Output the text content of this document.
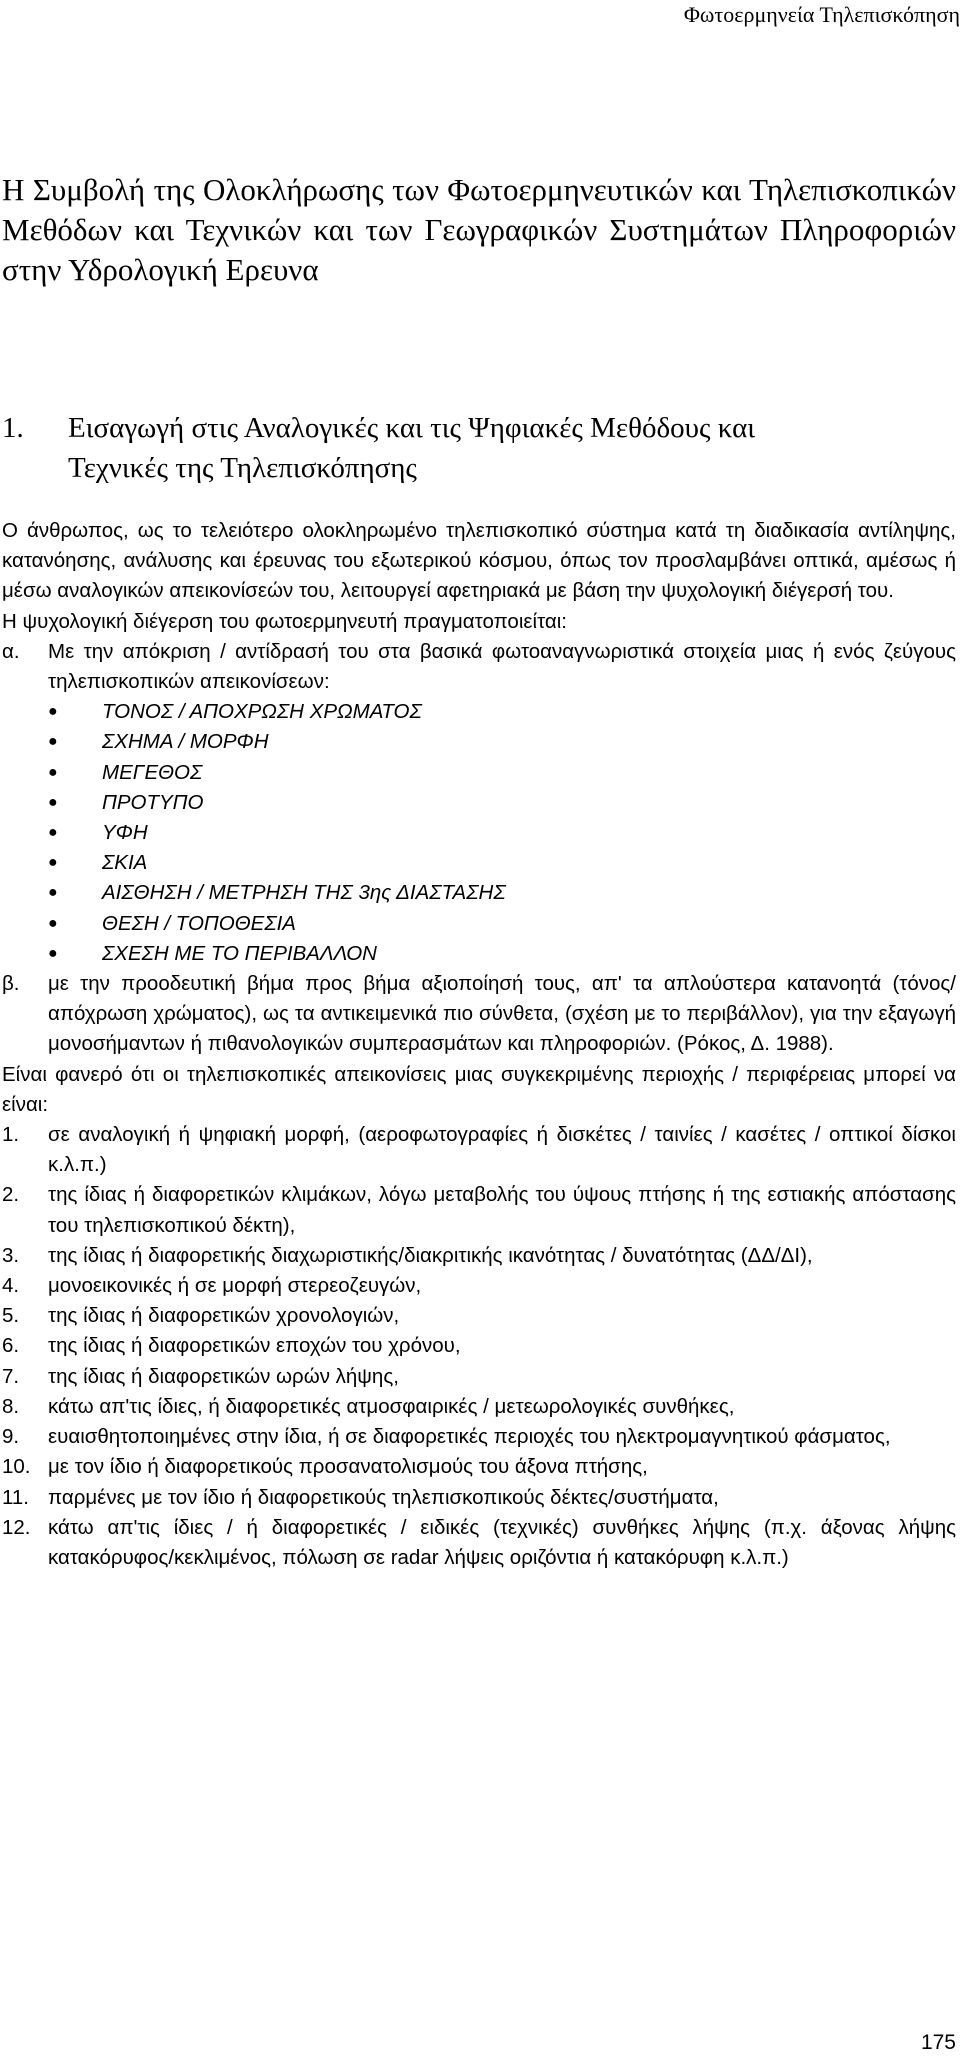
Φωτοερμηνεία Τηλεπισκόπηση
Η Συμβολή της Ολοκλήρωσης των Φωτοερμηνευτικών και Τηλεπισκοπικών Μεθόδων και Τεχνικών και των Γεωγραφικών Συστημάτων Πληροφοριών στην Υδρολογική Ερευνα
1. Εισαγωγή στις Αναλογικές και τις Ψηφιακές Μεθόδους και
Τεχνικές της Τηλεπισκόπησης

Ο άνθρωπος, ως το τελειότερο ολοκληρωμένο τηλεπισκοπικό σύστημα κατά τη διαδικασία αντίληψης, κατανόησης, ανάλυσης και έρευνας του εξωτερικού κόσμου, όπως τον προσλαμβάνει οπτικά, αμέσως ή μέσω αναλογικών απεικονίσεών του, λειτουργεί αφετηριακά με βάση την ψυχολογική διέγερσή του.

Η ψυχολογική διέγερση του φωτοερμηνευτή πραγματοποιείται:

α.	Με την απόκριση / αντίδρασή του στα βασικά φωτοαναγνωριστικά στοιχεία μιας ή ενός ζεύγους τηλεπισκοπικών απεικονίσεων:
●	ΤΟΝΟΣ / ΑΠΟΧΡΩΣΗ ΧΡΩΜΑΤΟΣ
●	ΣΧΗΜΑ / ΜΟΡΦΗ
●	ΜΕΓΕΘΟΣ
●	ΠΡΟΤΥΠΟ
●	ΥΦΗ
●	ΣΚΙΑ
●	ΑΙΣΘΗΣΗ / ΜΕΤΡΗΣΗ ΤΗΣ 3ης ΔΙΑΣΤΑΣΗΣ
●	ΘΕΣΗ / ΤΟΠΟΘΕΣΙΑ
●	ΣΧΕΣΗ ΜΕ ΤΟ ΠΕΡΙΒΑΛΛΟΝ
β.	με την προοδευτική βήμα προς βήμα αξιοποίησή τους, απ' τα απλούστερα κατανοητά (τόνος/απόχρωση χρώματος), ως τα αντικειμενικά πιο σύνθετα, (σχέση με το περιβάλλον), για την εξαγωγή μονοσήμαντων ή πιθανολογικών συμπερασμάτων και πληροφοριών. (Ρόκος, Δ. 1988).

Είναι φανερό ότι οι τηλεπισκοπικές απεικονίσεις μιας συγκεκριμένης περιοχής / περιφέρειας μπορεί να είναι:

1.	σε αναλογική ή ψηφιακή μορφή, (αεροφωτογραφίες ή δισκέτες / ταινίες / κασέτες / οπτικοί δίσκοι κ.λ.π.)
2.	της ίδιας ή διαφορετικών κλιμάκων, λόγω μεταβολής του ύψους πτήσης ή της εστιακής απόστασης του τηλεπισκοπικού δέκτη),
3.	της ίδιας ή διαφορετικής διαχωριστικής/διακριτικής ικανότητας / δυνατότητας (ΔΔ/ΔΙ),
4.	μονοεικονικές ή σε μορφή στερεοζευγών,
5.	της ίδιας ή διαφορετικών χρονολογιών,
6.	της ίδιας ή διαφορετικών εποχών του χρόνου,
7.	της ίδιας ή διαφορετικών ωρών λήψης,
8.	κάτω απ'τις ίδιες, ή διαφορετικές ατμοσφαιρικές / μετεωρολογικές συνθήκες,
9.	ευαισθητοποιημένες στην ίδια, ή σε διαφορετικές περιοχές του ηλεκτρομαγνητικού φάσματος,
10. με τον ίδιο ή διαφορετικούς προσανατολισμούς του άξονα πτήσης,
11. παρμένες με τον ίδιο ή διαφορετικούς τηλεπισκοπικούς δέκτες/συστήματα,
12. κάτω απ'τις ίδιες / ή διαφορετικές / ειδικές (τεχνικές) συνθήκες λήψης (π.χ. άξονας λήψης κατακόρυφος/κεκλιμένος, πόλωση σε radar λήψεις οριζόντια ή κατακόρυφη κ.λ.π.)
175
